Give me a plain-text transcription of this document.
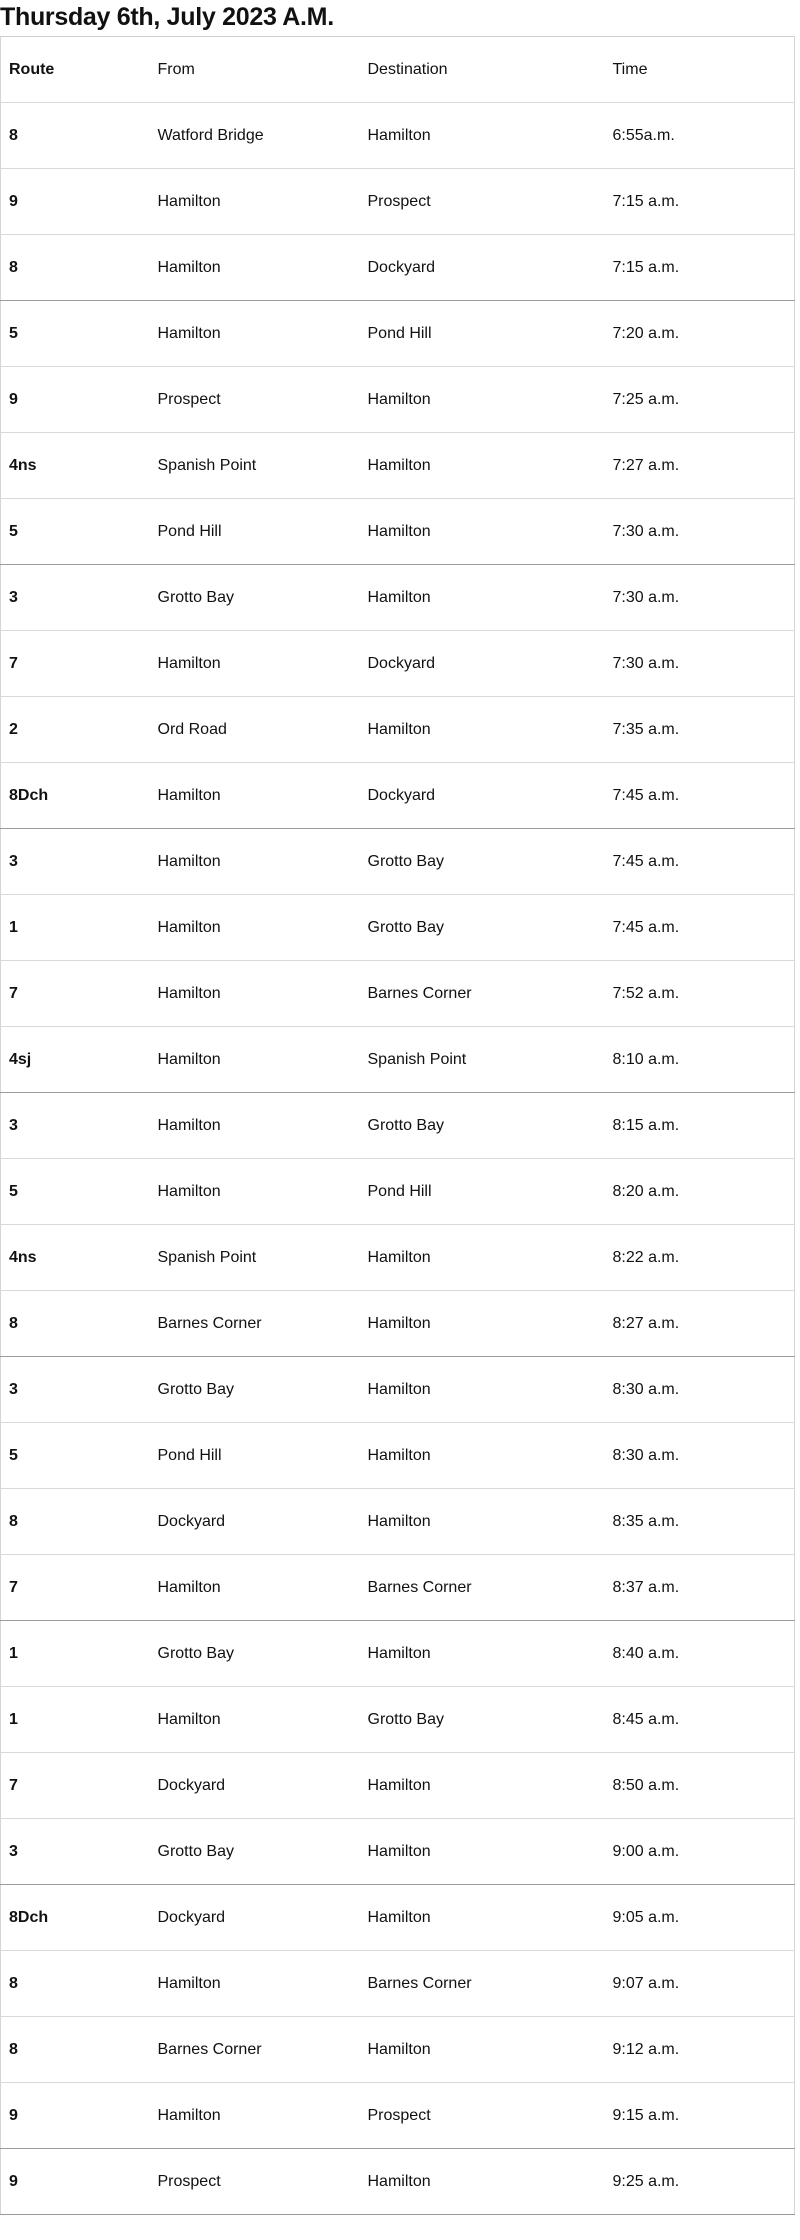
Thursday 6th, July 2023 A.M.
Route	From	Destination	Time
8	Watford Bridge	Hamilton	6:55a.m.
9	Hamilton	Prospect	7:15 a.m.
8	Hamilton	Dockyard	7:15 a.m.
5	Hamilton	Pond Hill	7:20 a.m.
9	Prospect	Hamilton	7:25 a.m.
4ns	Spanish Point	Hamilton	7:27 a.m.
5	Pond Hill	Hamilton	7:30 a.m.
3	Grotto Bay	Hamilton	7:30 a.m.
7	Hamilton	Dockyard	7:30 a.m.
2	Ord Road	Hamilton	7:35 a.m.
8Dch	Hamilton	Dockyard	7:45 a.m.
3	Hamilton	Grotto Bay	7:45 a.m.
1	Hamilton	Grotto Bay	7:45 a.m.
7	Hamilton	Barnes Corner	7:52 a.m.
4sj	Hamilton	Spanish Point	8:10 a.m.
3	Hamilton	Grotto Bay	8:15 a.m.
5	Hamilton	Pond Hill	8:20 a.m.
4ns	Spanish Point	Hamilton	8:22 a.m.
8	Barnes Corner	Hamilton	8:27 a.m.
3	Grotto Bay	Hamilton	8:30 a.m.
5	Pond Hill	Hamilton	8:30 a.m.
8	Dockyard	Hamilton	8:35 a.m.
7	Hamilton	Barnes Corner	8:37 a.m.
1	Grotto Bay	Hamilton	8:40 a.m.
1	Hamilton	Grotto Bay	8:45 a.m.
7	Dockyard	Hamilton	8:50 a.m.
3	Grotto Bay	Hamilton	9:00 a.m.
8Dch	Dockyard	Hamilton	9:05 a.m.
8	Hamilton	Barnes Corner	9:07 a.m.
8	Barnes Corner	Hamilton	9:12 a.m.
9	Hamilton	Prospect	9:15 a.m.
9	Prospect	Hamilton	9:25 a.m.
